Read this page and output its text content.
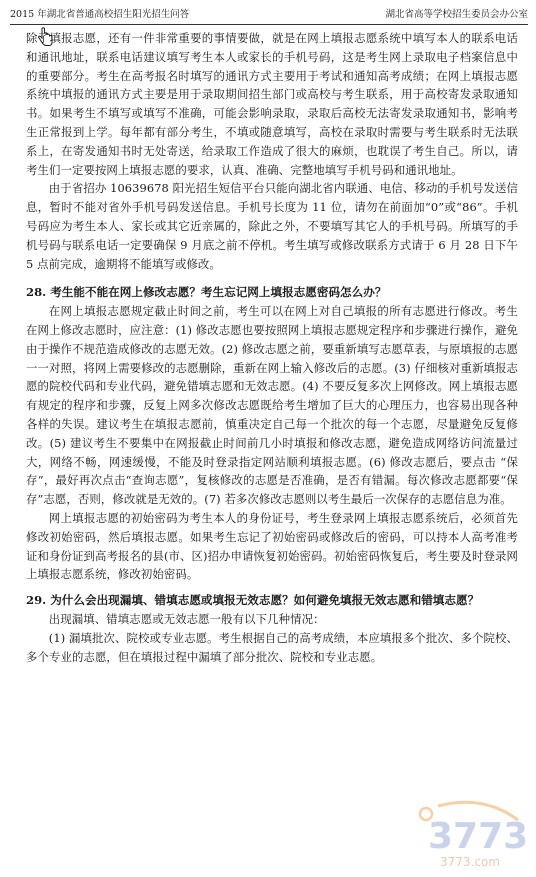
2015 年湖北省普通高校招生阳光招生问答	湖北省高等学校招生委员会办公室

除了填报志愿，还有一件非常重要的事情要做，就是在网上填报志愿系统中填写本人的联系电话和通讯地址，联系电话建议填写考生本人或家长的手机号码，这是考生网上录取电子档案信息中的重要部分。考生在高考报名时填写的通讯方式主要用于考试和通知高考成绩；在网上填报志愿系统中填报的通讯方式主要是用于录取期间招生部门或高校与考生联系，用于高校寄发录取通知书。如果考生不填写或填写不准确，可能会影响录取，录取后高校无法寄发录取通知书，影响考生正常报到上学。每年都有部分考生，不填或随意填写，高校在录取时需要与考生联系时无法联系上，在寄发通知书时无处寄送，给录取工作造成了很大的麻烦，也耽误了考生自己。所以，请考生们一定要按网上填报志愿的要求，认真、准确、完整地填写手机号码和通讯地址。

由于省招办 10639678 阳光招生短信平台只能向湖北省内联通、电信、移动的手机号发送信息，暂时不能对省外手机号码发送信息。手机号长度为 11 位，请勿在前面加“0”或“86”。手机号码应为考生本人、家长或其它近亲属的，除此之外，不要填写其它人的手机号码。所填写的手机号码与联系电话一定要确保 9 月底之前不停机。考生填写或修改联系方式请于 6 月 28 日下午 5 点前完成，逾期将不能填写或修改。

28. 考生能不能在网上修改志愿？考生忘记网上填报志愿密码怎么办？

在网上填报志愿规定截止时间之前，考生可以在网上对自己填报的所有志愿进行修改。考生在网上修改志愿时，应注意：(1) 修改志愿也要按照网上填报志愿规定程序和步骤进行操作，避免由于操作不规范造成修改的志愿无效。(2) 修改志愿之前，要重新填写志愿草表，与原填报的志愿一一对照，将网上需要修改的志愿删除，重新在网上输入修改后的志愿。(3) 仔细核对重新填报志愿的院校代码和专业代码，避免错填志愿和无效志愿。(4) 不要反复多次上网修改。网上填报志愿有规定的程序和步骤，反复上网多次修改志愿既给考生增加了巨大的心理压力，也容易出现各种各样的失误。建议考生在填报志愿前，慎重决定自己每一个批次的每一个志愿，尽量避免反复修改。(5) 建议考生不要集中在网报截止时间前几小时填报和修改志愿，避免造成网络访问流量过大，网络不畅，网速缓慢，不能及时登录指定网站顺利填报志愿。(6) 修改志愿后，要点击 “保存”，最好再次点击“查询志愿”，复核修改的志愿是否准确，是否有错漏。每次修改志愿都要“保存”志愿，否则，修改就是无效的。(7) 若多次修改志愿则以考生最后一次保存的志愿信息为准。

网上填报志愿的初始密码为考生本人的身份证号，考生登录网上填报志愿系统后，必须首先修改初始密码，然后填报志愿。如果考生忘记了初始密码或修改后的密码，可以持本人高考准考证和身份证到高考报名的县(市、区)招办申请恢复初始密码。初始密码恢复后，考生要及时登录网上填报志愿系统，修改初始密码。

29. 为什么会出现漏填、错填志愿或填报无效志愿？如何避免填报无效志愿和错填志愿？

出现漏填、错填志愿或无效志愿一般有以下几种情况：

(1) 漏填批次、院校或专业志愿。考生根据自己的高考成绩，本应填报多个批次、多个院校、多个专业的志愿，但在填报过程中漏填了部分批次、院校和专业志愿。

3773
3773.com
